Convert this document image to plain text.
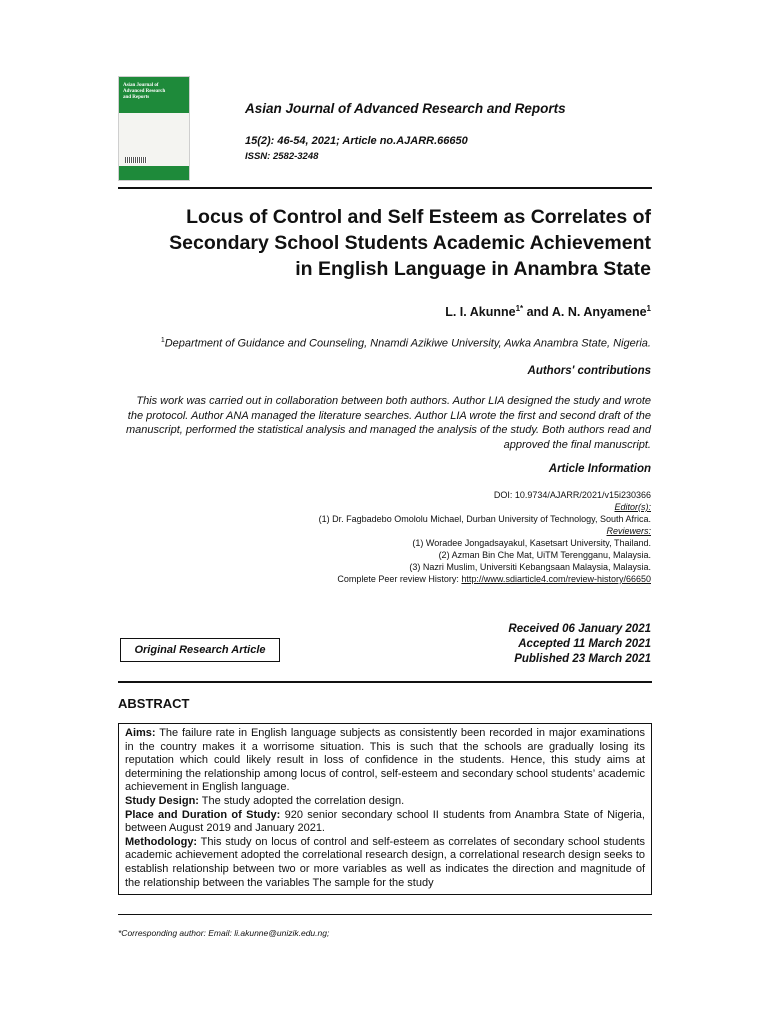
Asian Journal of
Advanced Research
and Reports
Asian Journal of Advanced Research and Reports
15(2): 46-54, 2021; Article no.AJARR.66650
ISSN: 2582-3248
Locus of Control and Self Esteem as Correlates of
Secondary School Students Academic Achievement
in English Language in Anambra State
L. I. Akunne$^{1*}$ and A. N. Anyamene$^1$
$^1$Department of Guidance and Counseling, Nnamdi Azikiwe University, Awka Anambra State, Nigeria.
Authors' contributions
This work was carried out in collaboration between both authors. Author LIA designed the study and wrote the protocol. Author ANA managed the literature searches. Author LIA wrote the first and second draft of the manuscript, performed the statistical analysis and managed the analysis of the study. Both authors read and approved the final manuscript.
Article Information
DOI: 10.9734/AJARR/2021/v15i230366
Editor(s):
(1) Dr. Fagbadebo Omololu Michael, Durban University of Technology, South Africa.
Reviewers:
(1) Woradee Jongadsayakul, Kasetsart University, Thailand.
(2) Azman Bin Che Mat, UiTM Terengganu, Malaysia.
(3) Nazri Muslim, Universiti Kebangsaan Malaysia, Malaysia.
Complete Peer review History: http://www.sdiarticle4.com/review-history/66650
Original Research Article
Received 06 January 2021
Accepted 11 March 2021
Published 23 March 2021
ABSTRACT

Aims: The failure rate in English language subjects as consistently been recorded in major examinations in the country makes it a worrisome situation. This is such that the schools are gradually losing its reputation which could likely result in loss of confidence in the students. Hence, this study aims at determining the relationship among locus of control, self-esteem and secondary school students’ academic achievement in English language.

Study Design: The study adopted the correlation design.

Place and Duration of Study: 920 senior secondary school II students from Anambra State of Nigeria, between August 2019 and January 2021.

Methodology: This study on locus of control and self-esteem as correlates of secondary school students academic achievement adopted the correlational research design, a correlational research design seeks to establish relationship between two or more variables as well as indicates the direction and magnitude of the relationship between the variables The sample for the study

*Corresponding author: Email: li.akunne@unizik.edu.ng;
